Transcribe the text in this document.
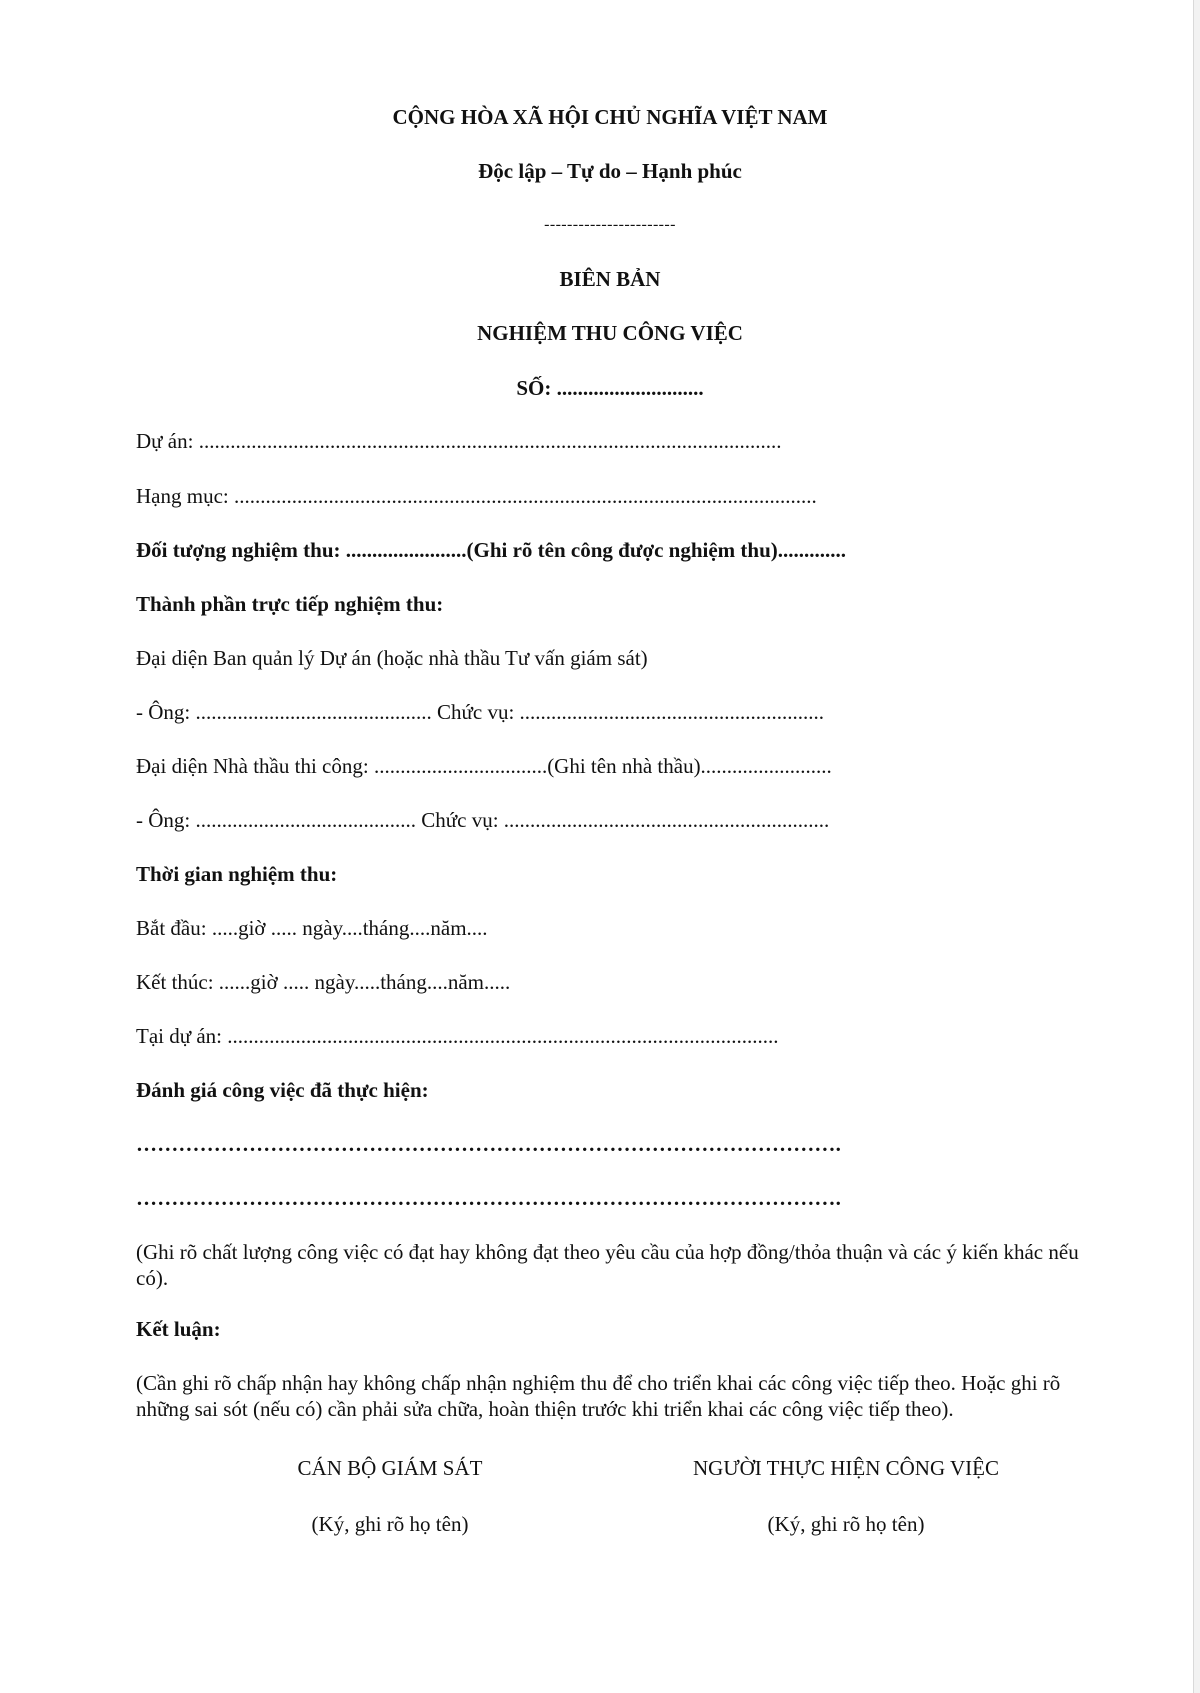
CỘNG HÒA XÃ HỘI CHỦ NGHĨA VIỆT NAM
Độc lập – Tự do – Hạnh phúc
-----------------------
BIÊN BẢN
NGHIỆM THU CÔNG VIỆC
SỐ: ............................
Dự án: ...............................................................................................................
Hạng mục: ...............................................................................................................
Đối tượng nghiệm thu: .......................(Ghi rõ tên công được nghiệm thu).............
Thành phần trực tiếp nghiệm thu:
Đại diện Ban quản lý Dự án (hoặc nhà thầu Tư vấn giám sát)
- Ông: ............................................. Chức vụ: ..........................................................
Đại diện Nhà thầu thi công: .................................(Ghi tên nhà thầu).........................
- Ông: .......................................... Chức vụ: ..............................................................
Thời gian nghiệm thu:
Bắt đầu: .....giờ ..... ngày....tháng....năm....
Kết thúc: ......giờ ..... ngày.....tháng....năm.....
Tại dự án: .........................................................................................................
Đánh giá công việc đã thực hiện:
……………………………………………………………………………………….
……………………………………………………………………………………….
(Ghi rõ chất lượng công việc có đạt hay không đạt theo yêu cầu của hợp đồng/thỏa thuận và các ý kiến khác nếu có).
Kết luận:
(Cần ghi rõ chấp nhận hay không chấp nhận nghiệm thu để cho triển khai các công việc tiếp theo. Hoặc ghi rõ những sai sót (nếu có) cần phải sửa chữa, hoàn thiện trước khi triển khai các công việc tiếp theo).
CÁN BỘ GIÁM SÁT
(Ký, ghi rõ họ tên)
NGƯỜI THỰC HIỆN CÔNG VIỆC
(Ký, ghi rõ họ tên)
